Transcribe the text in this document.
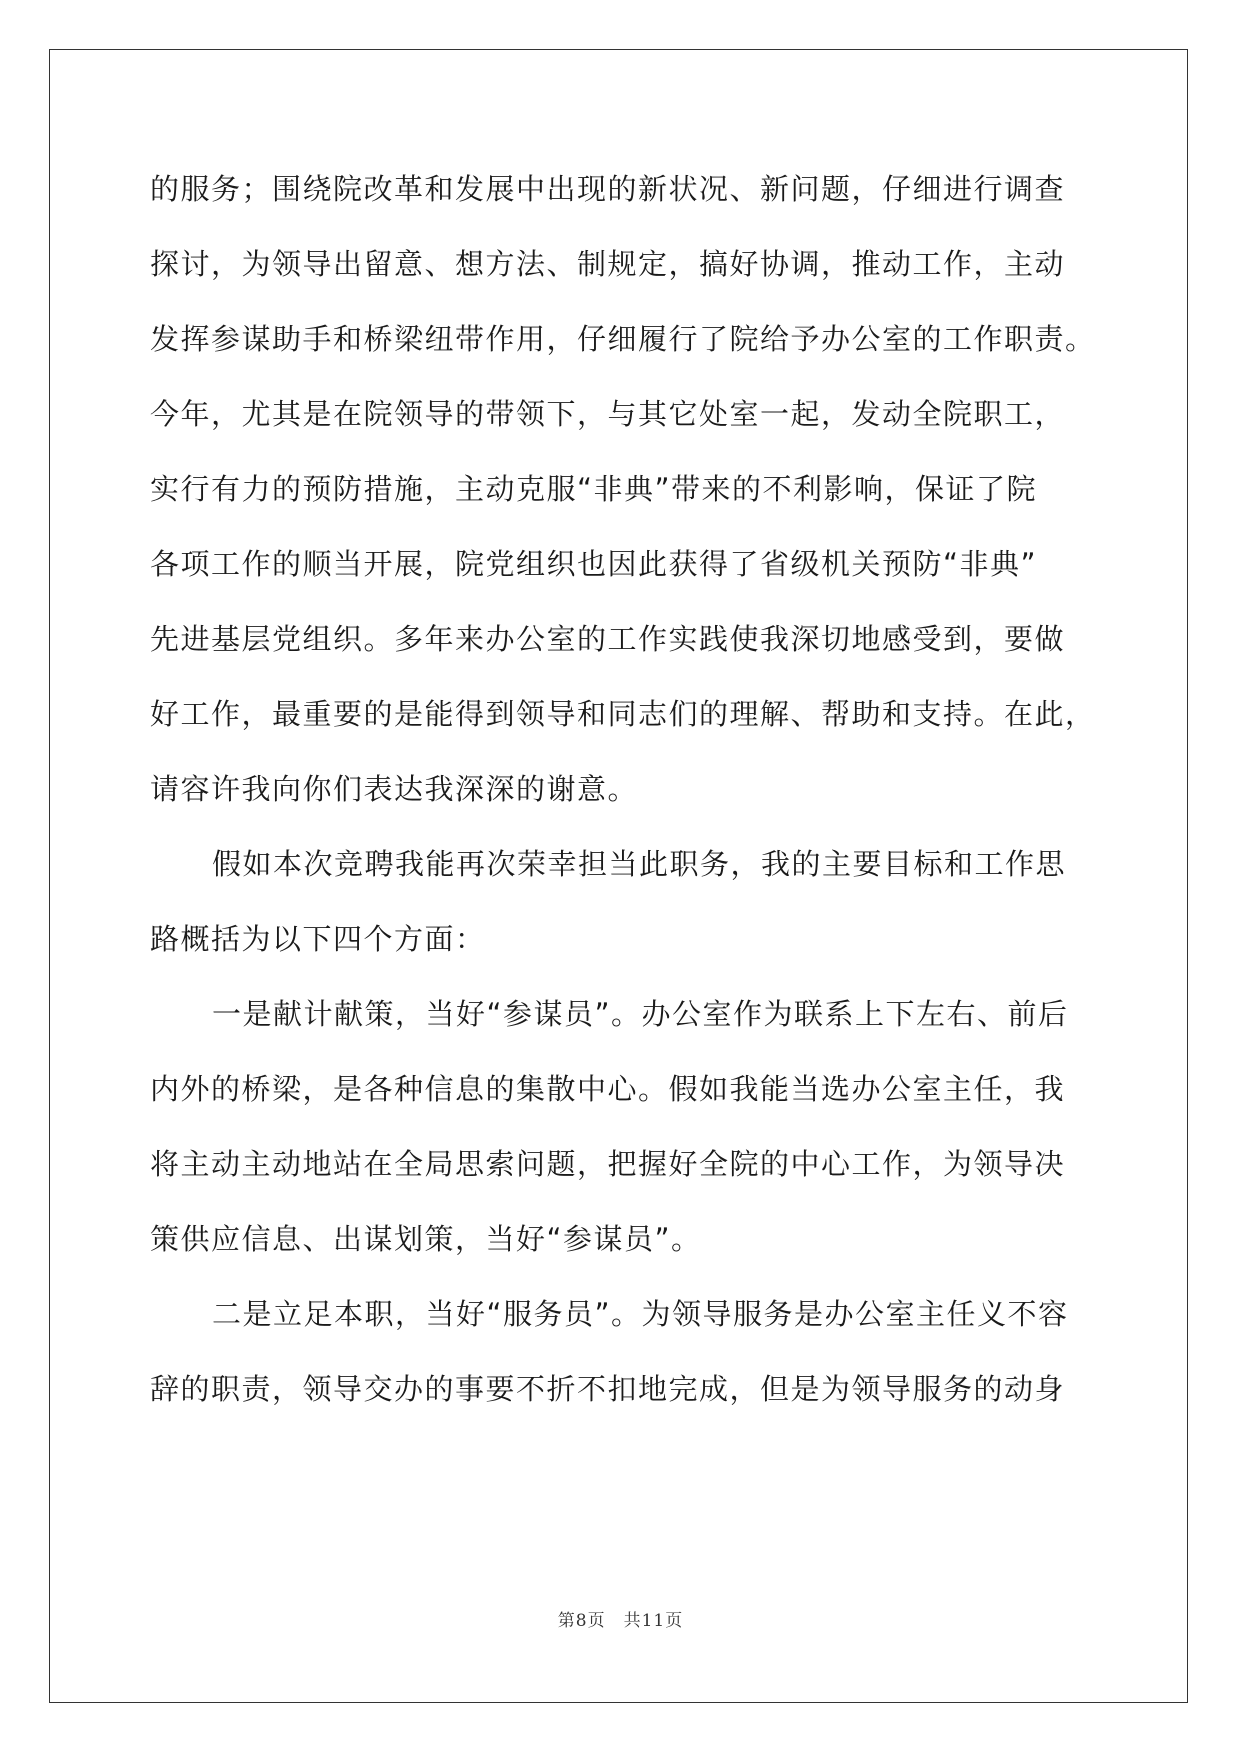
的服务；围绕院改革和发展中出现的新状况、新问题，仔细进行调查
探讨，为领导出留意、想方法、制规定，搞好协调，推动工作，主动
发挥参谋助手和桥梁纽带作用，仔细履行了院给予办公室的工作职责。
今年，尤其是在院领导的带领下，与其它处室一起，发动全院职工，
实行有力的预防措施，主动克服“非典”带来的不利影响，保证了院
各项工作的顺当开展，院党组织也因此获得了省级机关预防“非典”
先进基层党组织。多年来办公室的工作实践使我深切地感受到，要做
好工作，最重要的是能得到领导和同志们的理解、帮助和支持。在此，
请容许我向你们表达我深深的谢意。
假如本次竞聘我能再次荣幸担当此职务，我的主要目标和工作思
路概括为以下四个方面：
一是献计献策，当好“参谋员”。办公室作为联系上下左右、前后
内外的桥梁，是各种信息的集散中心。假如我能当选办公室主任，我
将主动主动地站在全局思索问题，把握好全院的中心工作，为领导决
策供应信息、出谋划策，当好“参谋员”。
二是立足本职，当好“服务员”。为领导服务是办公室主任义不容
辞的职责，领导交办的事要不折不扣地完成，但是为领导服务的动身
第8页 共11页
